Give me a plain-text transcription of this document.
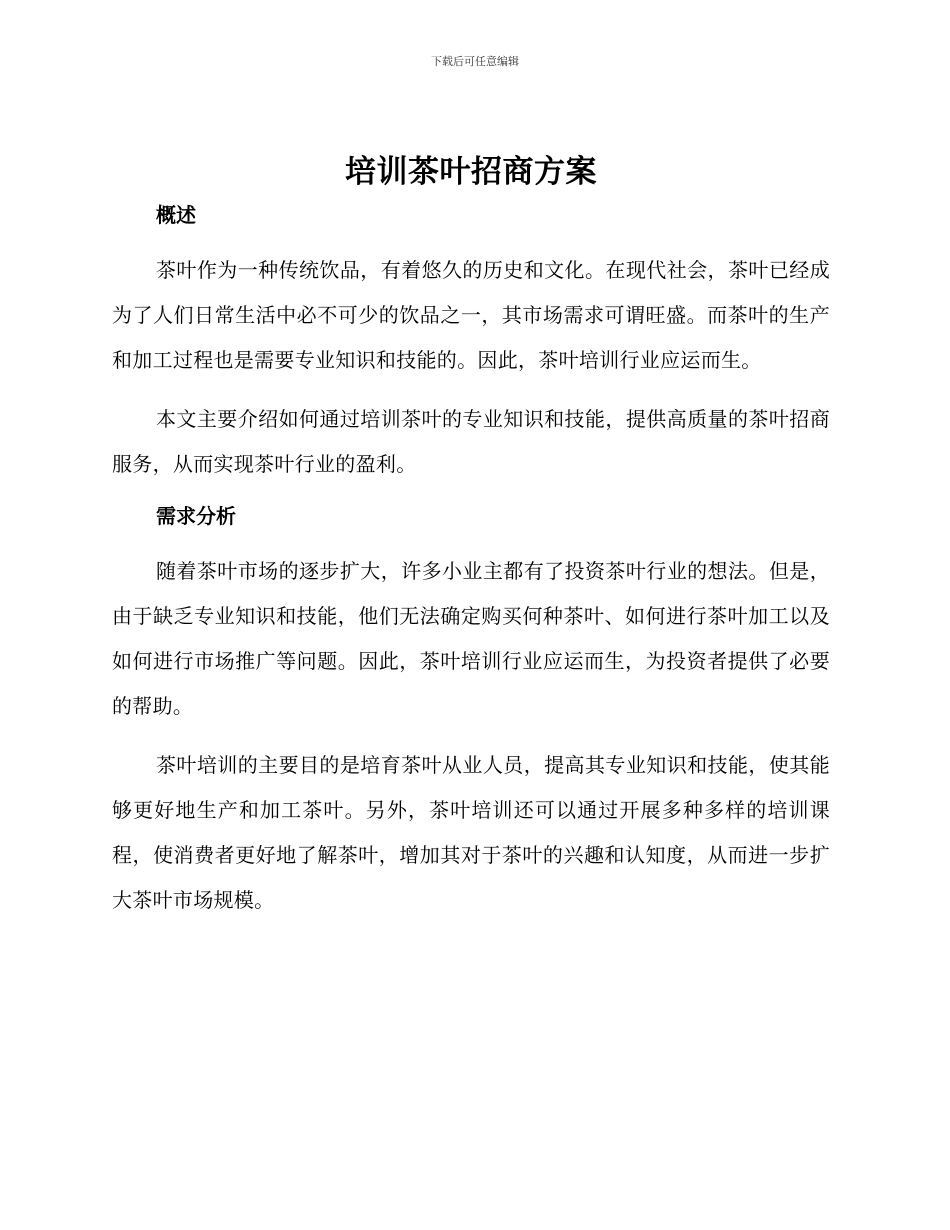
下载后可任意编辑
培训茶叶招商方案
概述

茶叶作为一种传统饮品，有着悠久的历史和文化。在现代社会，茶叶已经成为了人们日常生活中必不可少的饮品之一，其市场需求可谓旺盛。而茶叶的生产和加工过程也是需要专业知识和技能的。因此，茶叶培训行业应运而生。

本文主要介绍如何通过培训茶叶的专业知识和技能，提供高质量的茶叶招商服务，从而实现茶叶行业的盈利。

需求分析

随着茶叶市场的逐步扩大，许多小业主都有了投资茶叶行业的想法。但是，由于缺乏专业知识和技能，他们无法确定购买何种茶叶、如何进行茶叶加工以及如何进行市场推广等问题。因此，茶叶培训行业应运而生，为投资者提供了必要的帮助。

茶叶培训的主要目的是培育茶叶从业人员，提高其专业知识和技能，使其能够更好地生产和加工茶叶。另外，茶叶培训还可以通过开展多种多样的培训课程，使消费者更好地了解茶叶，增加其对于茶叶的兴趣和认知度，从而进一步扩大茶叶市场规模。
